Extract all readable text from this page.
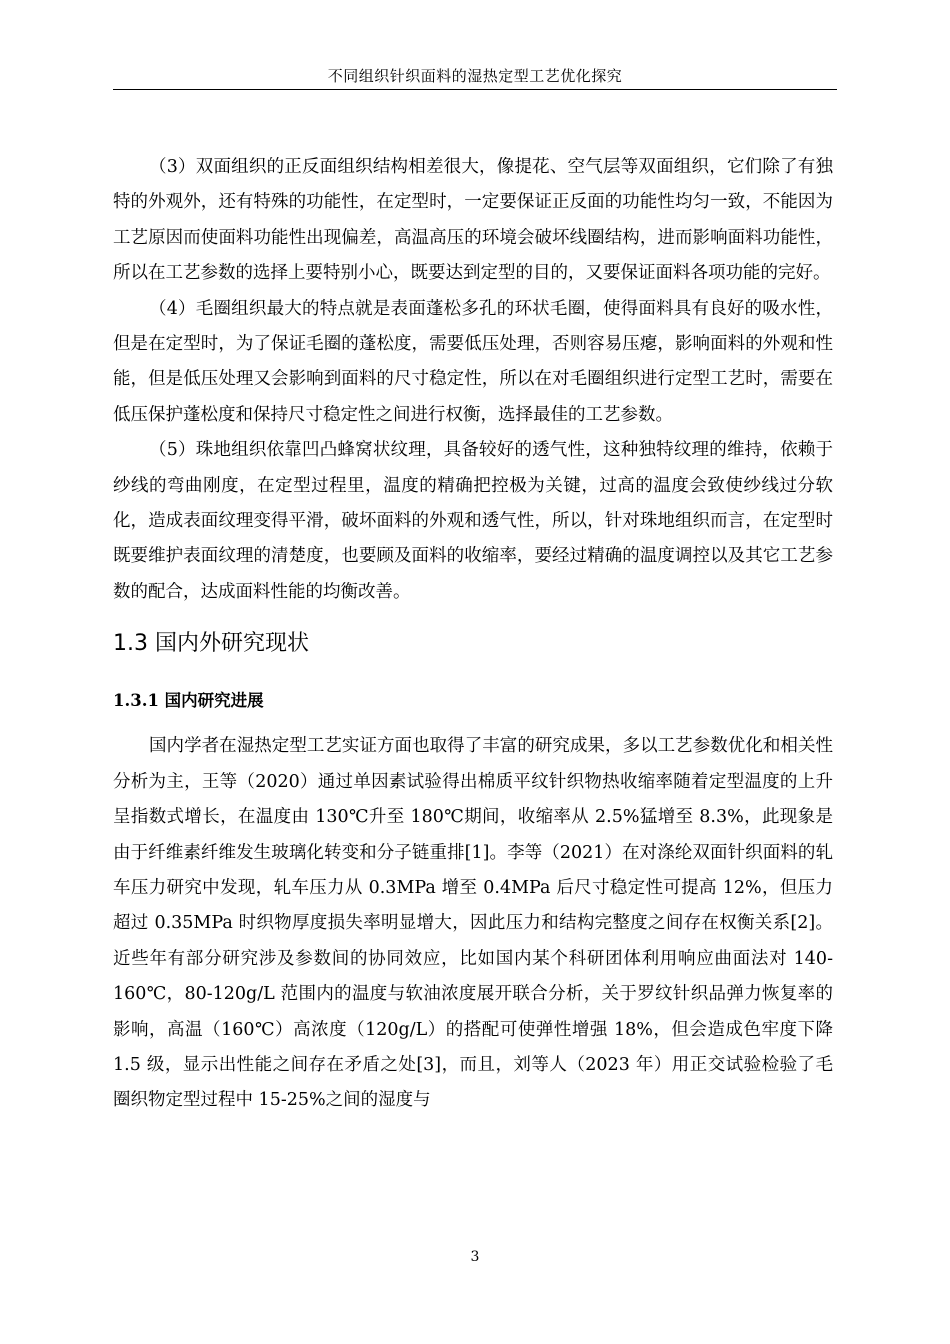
不同组织针织面料的湿热定型工艺优化探究

（3）双面组织的正反面组织结构相差很大，像提花、空气层等双面组织，它们除了有独特的外观外，还有特殊的功能性，在定型时，一定要保证正反面的功能性均匀一致，不能因为工艺原因而使面料功能性出现偏差，高温高压的环境会破坏线圈结构，进而影响面料功能性，所以在工艺参数的选择上要特别小心，既要达到定型的目的，又要保证面料各项功能的完好。

（4）毛圈组织最大的特点就是表面蓬松多孔的环状毛圈，使得面料具有良好的吸水性，但是在定型时，为了保证毛圈的蓬松度，需要低压处理，否则容易压瘪，影响面料的外观和性能，但是低压处理又会影响到面料的尺寸稳定性，所以在对毛圈组织进行定型工艺时，需要在低压保护蓬松度和保持尺寸稳定性之间进行权衡，选择最佳的工艺参数。

（5）珠地组织依靠凹凸蜂窝状纹理，具备较好的透气性，这种独特纹理的维持，依赖于纱线的弯曲刚度，在定型过程里，温度的精确把控极为关键，过高的温度会致使纱线过分软化，造成表面纹理变得平滑，破坏面料的外观和透气性，所以，针对珠地组织而言，在定型时既要维护表面纹理的清楚度，也要顾及面料的收缩率，要经过精确的温度调控以及其它工艺参数的配合，达成面料性能的均衡改善。

1.3 国内外研究现状
1.3.1 国内研究进展

国内学者在湿热定型工艺实证方面也取得了丰富的研究成果，多以工艺参数优化和相关性分析为主，王等（2020）通过单因素试验得出棉质平纹针织物热收缩率随着定型温度的上升呈指数式增长，在温度由 130℃升至 180℃期间，收缩率从 2.5%猛增至 8.3%，此现象是由于纤维素纤维发生玻璃化转变和分子链重排[1]。李等（2021）在对涤纶双面针织面料的轧车压力研究中发现，轧车压力从 0.3MPa 增至 0.4MPa 后尺寸稳定性可提高 12%，但压力超过 0.35MPa 时织物厚度损失率明显增大，因此压力和结构完整度之间存在权衡关系[2]。 近些年有部分研究涉及参数间的协同效应，比如国内某个科研团体利用响应曲面法对 140-160℃，80-120g/L 范围内的温度与软油浓度展开联合分析，关于罗纹针织品弹力恢复率的影响，高温（160℃）高浓度（120g/L）的搭配可使弹性增强 18%，但会造成色牢度下降 1.5 级，显示出性能之间存在矛盾之处[3]，而且，刘等人（2023 年）用正交试验检验了毛圈织物定型过程中 15-25%之间的湿度与

3
